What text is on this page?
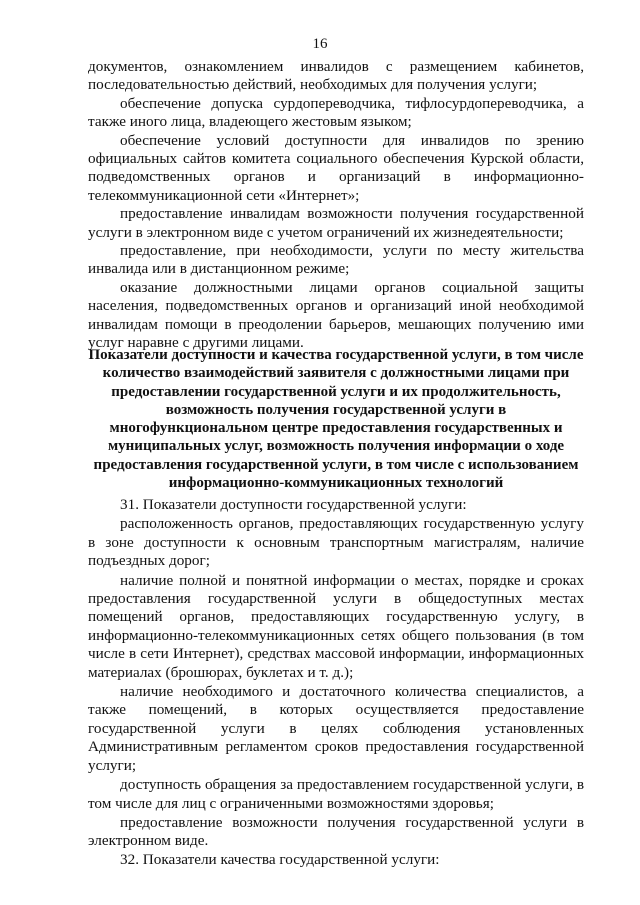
16

документов, ознакомлением инвалидов с размещением кабинетов, последовательностью действий, необходимых для получения услуги;

обеспечение допуска сурдопереводчика, тифлосурдопереводчика, а также иного лица, владеющего жестовым языком;

обеспечение условий доступности для инвалидов по зрению официальных сайтов комитета социального обеспечения Курской области, подведомственных органов и организаций в информационно-телекоммуникационной сети «Интернет»;

предоставление инвалидам возможности получения государственной услуги в электронном виде с учетом ограничений их жизнедеятельности;

предоставление, при необходимости, услуги по месту жительства инвалида или в дистанционном режиме;

оказание должностными лицами органов социальной защиты населения, подведомственных органов и организаций иной необходимой инвалидам помощи в преодолении барьеров, мешающих получению ими услуг наравне с другими лицами.

Показатели доступности и качества государственной услуги, в том числе количество взаимодействий заявителя с должностными лицами при предоставлении государственной услуги и их продолжительность, возможность получения государственной услуги в многофункциональном центре предоставления государственных и муниципальных услуг, возможность получения информации о ходе предоставления государственной услуги, в том числе с использованием информационно-коммуникационных технологий

31. Показатели доступности государственной услуги:

расположенность органов, предоставляющих государственную услугу в зоне доступности к основным транспортным магистралям, наличие подъездных дорог;

наличие полной и понятной информации о местах, порядке и сроках предоставления государственной услуги в общедоступных местах помещений органов, предоставляющих государственную услугу, в информационно-телекоммуникационных сетях общего пользования (в том числе в сети Интернет), средствах массовой информации, информационных материалах (брошюрах, буклетах и т. д.);

наличие необходимого и достаточного количества специалистов, а также помещений, в которых осуществляется предоставление государственной услуги в целях соблюдения установленных Административным регламентом сроков предоставления государственной услуги;

доступность обращения за предоставлением государственной услуги, в том числе для лиц с ограниченными возможностями здоровья;

предоставление возможности получения государственной услуги в электронном виде.

32. Показатели качества государственной услуги:
